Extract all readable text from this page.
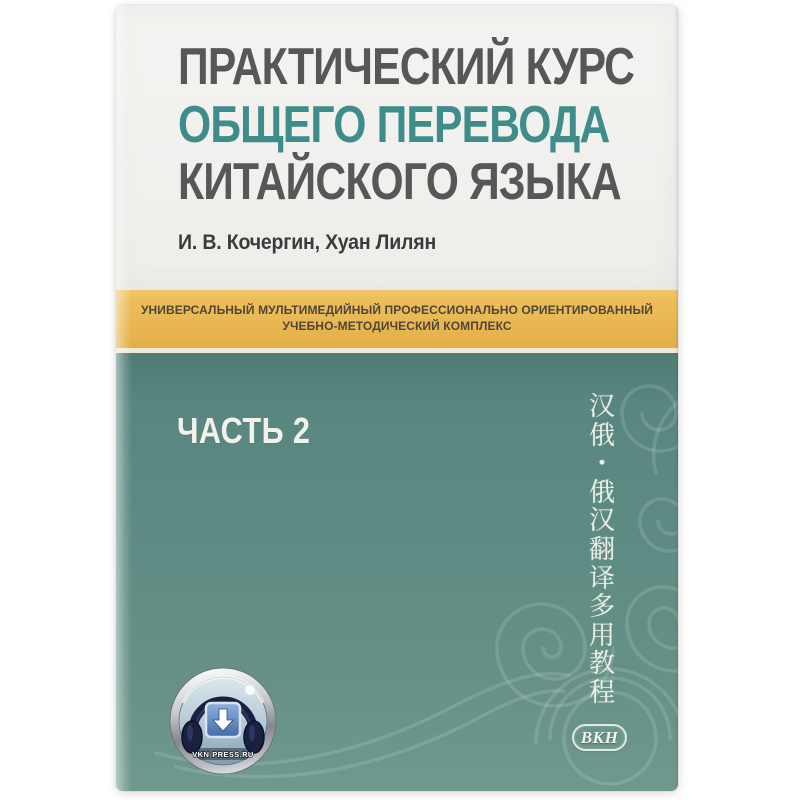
ПРАКТИЧЕСКИЙ КУРС
ОБЩЕГО ПЕРЕВОДА
КИТАЙСКОГО ЯЗЫКА
И. В. Кочергин, Хуан Лилян
УНИВЕРСАЛЬНЫЙ МУЛЬТИМЕДИЙНЫЙ ПРОФЕССИОНАЛЬНО ОРИЕНТИРОВАННЫЙ
УЧЕБНО-МЕТОДИЧЕСКИЙ КОМПЛЕКС
ЧАСТЬ 2
汉
俄
・
俄
汉
翻
译
多
用
教
程
VKN-PRESS.RU
ВКН
